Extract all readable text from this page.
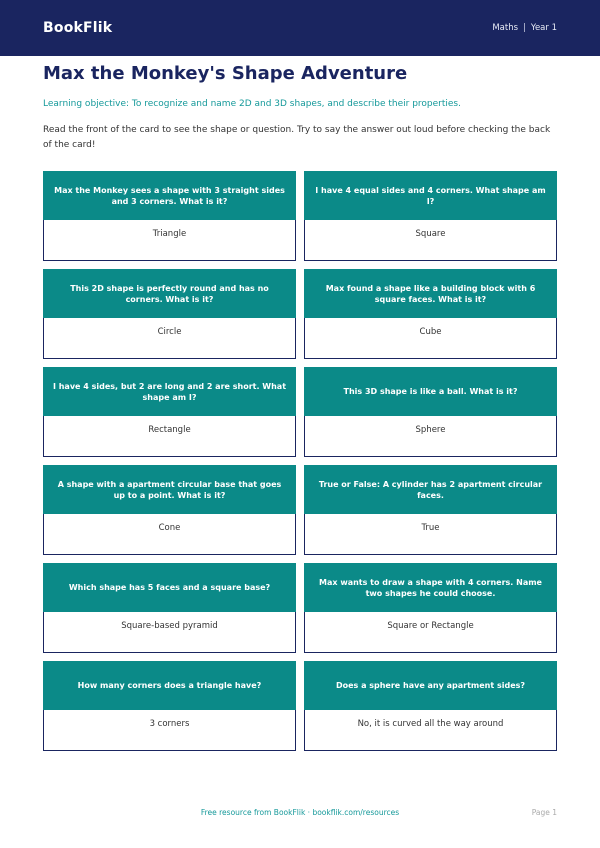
BookFlik	Maths | Year 1
Max the Monkey's Shape Adventure
Learning objective: To recognize and name 2D and 3D shapes, and describe their properties.
Read the front of the card to see the shape or question. Try to say the answer out loud before checking the back of the card!
Max the Monkey sees a shape with 3 straight sides and 3 corners. What is it?
Triangle
I have 4 equal sides and 4 corners. What shape am I?
Square
This 2D shape is perfectly round and has no corners. What is it?
Circle
Max found a shape like a building block with 6 square faces. What is it?
Cube
I have 4 sides, but 2 are long and 2 are short. What shape am I?
Rectangle
This 3D shape is like a ball. What is it?
Sphere
A shape with a apartment circular base that goes up to a point. What is it?
Cone
True or False: A cylinder has 2 apartment circular faces.
True
Which shape has 5 faces and a square base?
Square-based pyramid
Max wants to draw a shape with 4 corners. Name two shapes he could choose.
Square or Rectangle
How many corners does a triangle have?
3 corners
Does a sphere have any apartment sides?
No, it is curved all the way around
Free resource from BookFlik · bookflik.com/resources	Page 1
